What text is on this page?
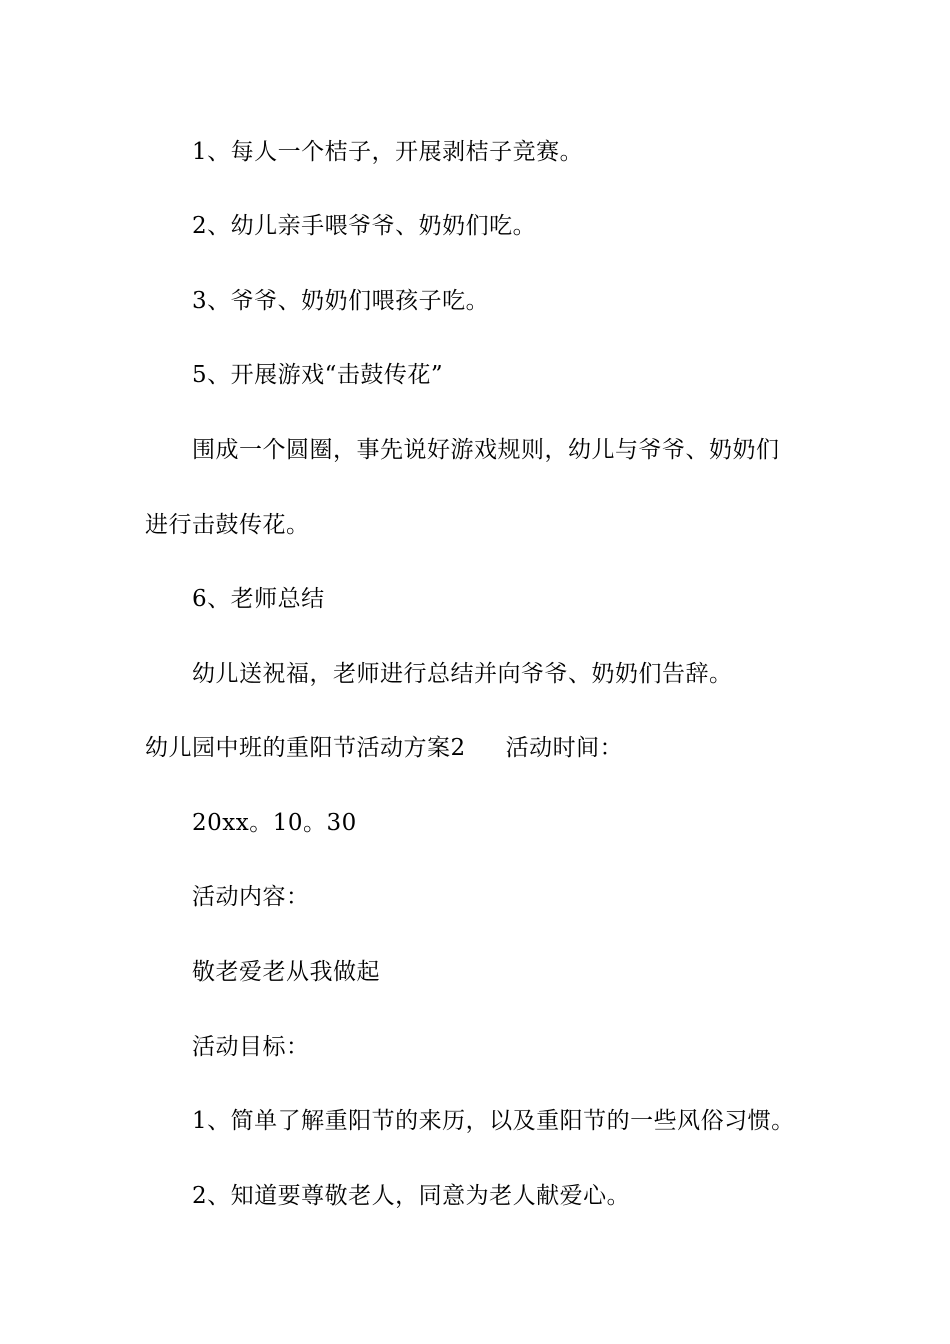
1、每人一个桔子，开展剥桔子竞赛。
2、幼儿亲手喂爷爷、奶奶们吃。
3、爷爷、奶奶们喂孩子吃。
5、开展游戏“击鼓传花”
围成一个圆圈，事先说好游戏规则，幼儿与爷爷、奶奶们
进行击鼓传花。
6、老师总结
幼儿送祝福，老师进行总结并向爷爷、奶奶们告辞。
幼儿园中班的重阳节活动方案2 活动时间：
20xx。10。30
活动内容：
敬老爱老从我做起
活动目标：
1、简单了解重阳节的来历，以及重阳节的一些风俗习惯。
2、知道要尊敬老人，同意为老人献爱心。
